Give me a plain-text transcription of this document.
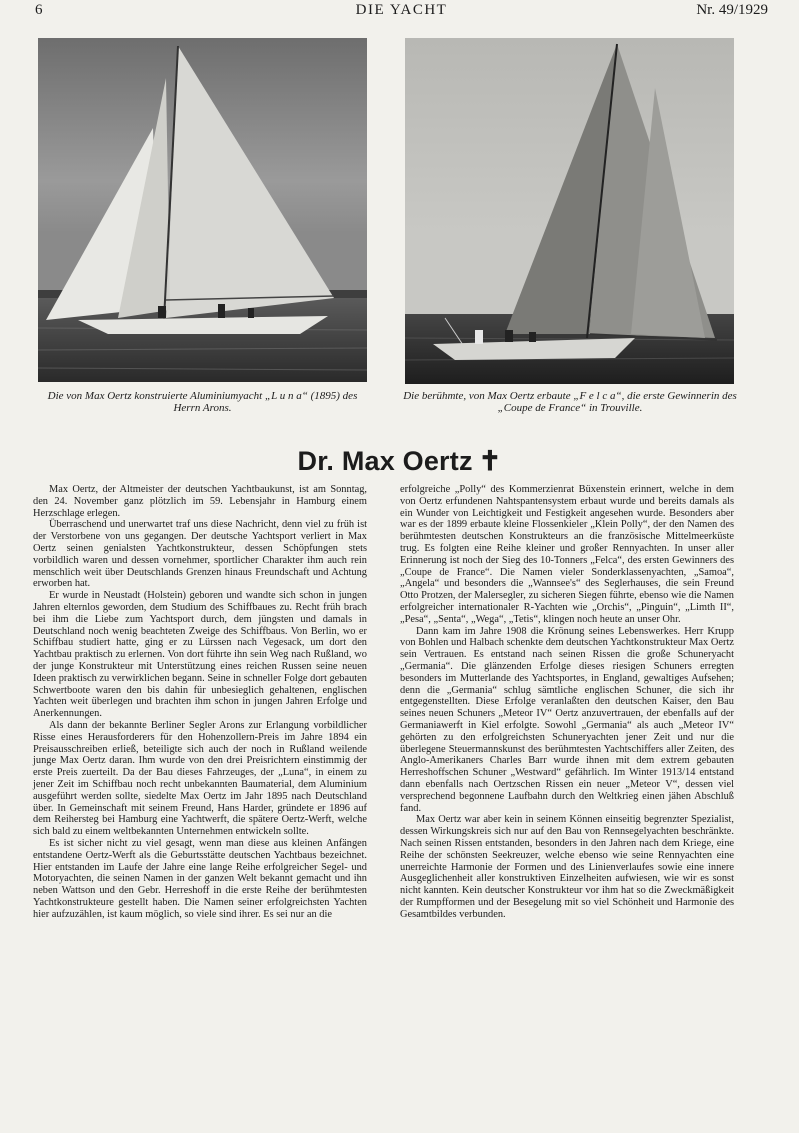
6	DIE YACHT	Nr. 49/1929
Die von Max Oertz konstruierte Aluminiumyacht „L u n a“ (1895) des Herrn Arons.
Die berühmte, von Max Oertz erbaute „F e l c a“, die erste Gewinnerin des „Coupe de France“ in Trouville.
Dr. Max Oertz ✝

Max Oertz, der Altmeister der deutschen Yachtbaukunst, ist am Sonntag, den 24. November ganz plötzlich im 59. Lebensjahr in Hamburg einem Herzschlage erlegen.

Überraschend und unerwartet traf uns diese Nachricht, denn viel zu früh ist der Verstorbene von uns gegangen. Der deutsche Yachtsport verliert in Max Oertz seinen genialsten Yachtkonstrukteur, dessen Schöpfungen stets vorbildlich waren und dessen vornehmer, sportlicher Charakter ihm auch rein menschlich weit über Deutschlands Grenzen hinaus Freundschaft und Achtung erworben hat.

Er wurde in Neustadt (Holstein) geboren und wandte sich schon in jungen Jahren elternlos geworden, dem Studium des Schiffbaues zu. Recht früh brach bei ihm die Liebe zum Yachtsport durch, dem jüngsten und damals in Deutschland noch wenig beachteten Zweige des Schiffbaus. Von Berlin, wo er Schiffbau studiert hatte, ging er zu Lürssen nach Vegesack, um dort den Yachtbau praktisch zu erlernen. Von dort führte ihn sein Weg nach Rußland, wo der junge Konstrukteur mit Unterstützung eines reichen Russen seine neuen Ideen praktisch zu verwirklichen begann. Seine in schneller Folge dort gebauten Schwertboote waren den bis dahin für unbesieglich gehaltenen, englischen Yachten weit überlegen und brachten ihm schon in jungen Jahren Erfolge und Anerkennungen.

Als dann der bekannte Berliner Segler Arons zur Erlangung vorbildlicher Risse eines Herausforderers für den Hohenzollern-Preis im Jahre 1894 ein Preisausschreiben erließ, beteiligte sich auch der noch in Rußland weilende junge Max Oertz daran. Ihm wurde von den drei Preisrichtern einstimmig der erste Preis zuerteilt. Da der Bau dieses Fahrzeuges, der „Luna“, in einem zu jener Zeit im Schiffbau noch recht unbekannten Baumaterial, dem Aluminium ausgeführt werden sollte, siedelte Max Oertz im Jahr 1895 nach Deutschland über. In Gemeinschaft mit seinem Freund, Hans Harder, gründete er 1896 auf dem Reihersteg bei Hamburg eine Yachtwerft, die spätere Oertz-Werft, welche sich bald zu einem weltbekannten Unternehmen entwickeln sollte.

Es ist sicher nicht zu viel gesagt, wenn man diese aus kleinen Anfängen entstandene Oertz-Werft als die Geburtsstätte deutschen Yachtbaus bezeichnet. Hier entstanden im Laufe der Jahre eine lange Reihe erfolgreicher Segel- und Motoryachten, die seinen Namen in der ganzen Welt bekannt gemacht und ihn neben Wattson und den Gebr. Herreshoff in die erste Reihe der berühmtesten Yachtkonstrukteure gestellt haben. Die Namen seiner erfolgreichsten Yachten hier aufzuzählen, ist kaum möglich, so viele sind ihrer. Es sei nur an die

erfolgreiche „Polly“ des Kommerzienrat Büxenstein erinnert, welche in dem von Oertz erfundenen Nahtspantensystem erbaut wurde und bereits damals als ein Wunder von Leichtigkeit und Festigkeit angesehen wurde. Besonders aber war es der 1899 erbaute kleine Flossenkieler „Klein Polly“, der den Namen des berühmtesten deutschen Konstrukteurs an die französische Mittelmeerküste trug. Es folgten eine Reihe kleiner und großer Rennyachten. In unser aller Erinnerung ist noch der Sieg des 10-Tonners „Felca“, des ersten Gewinners des „Coupe de France“. Die Namen vieler Sonderklassenyachten, „Samoa“, „Angela“ und besonders die „Wannsee's“ des Seglerhauses, die sein Freund Otto Protzen, der Malersegler, zu sicheren Siegen führte, ebenso wie die Namen erfolgreicher internationaler R-Yachten wie „Orchis“, „Pinguin“, „Limth II“, „Pesa“, „Senta“, „Wega“, „Tetis“, klingen noch heute an unser Ohr.

Dann kam im Jahre 1908 die Krönung seines Lebenswerkes. Herr Krupp von Bohlen und Halbach schenkte dem deutschen Yachtkonstrukteur Max Oertz sein Vertrauen. Es entstand nach seinen Rissen die große Schuneryacht „Germania“. Die glänzenden Erfolge dieses riesigen Schuners erregten besonders im Mutterlande des Yachtsportes, in England, gewaltiges Aufsehen; denn die „Germania“ schlug sämtliche englischen Schuner, die sich ihr entgegenstellten. Diese Erfolge veranlaßten den deutschen Kaiser, den Bau seines neuen Schuners „Meteor IV“ Oertz anzuvertrauen, der ebenfalls auf der Germaniawerft in Kiel erfolgte. Sowohl „Germania“ als auch „Meteor IV“ gehörten zu den erfolgreichsten Schuneryachten jener Zeit und nur die überlegene Steuermannskunst des berühmtesten Yachtschiffers aller Zeiten, des Anglo-Amerikaners Charles Barr wurde ihnen mit dem extrem gebauten Herreshoffschen Schuner „Westward“ gefährlich. Im Winter 1913/14 entstand dann ebenfalls nach Oertzschen Rissen ein neuer „Meteor V“, dessen viel versprechend begonnene Laufbahn durch den Weltkrieg einen jähen Abschluß fand.

Max Oertz war aber kein in seinem Können einseitig begrenzter Spezialist, dessen Wirkungskreis sich nur auf den Bau von Rennsegelyachten beschränkte. Nach seinen Rissen entstanden, besonders in den Jahren nach dem Kriege, eine Reihe der schönsten Seekreuzer, welche ebenso wie seine Rennyachten eine unerreichte Harmonie der Formen und des Linienverlaufes sowie eine innere Ausgeglichenheit aller konstruktiven Einzelheiten aufwiesen, wie wir es sonst nicht kannten. Kein deutscher Konstrukteur vor ihm hat so die Zweckmäßigkeit der Rumpfformen und der Besegelung mit so viel Schönheit und Harmonie des Gesamtbildes verbunden.
